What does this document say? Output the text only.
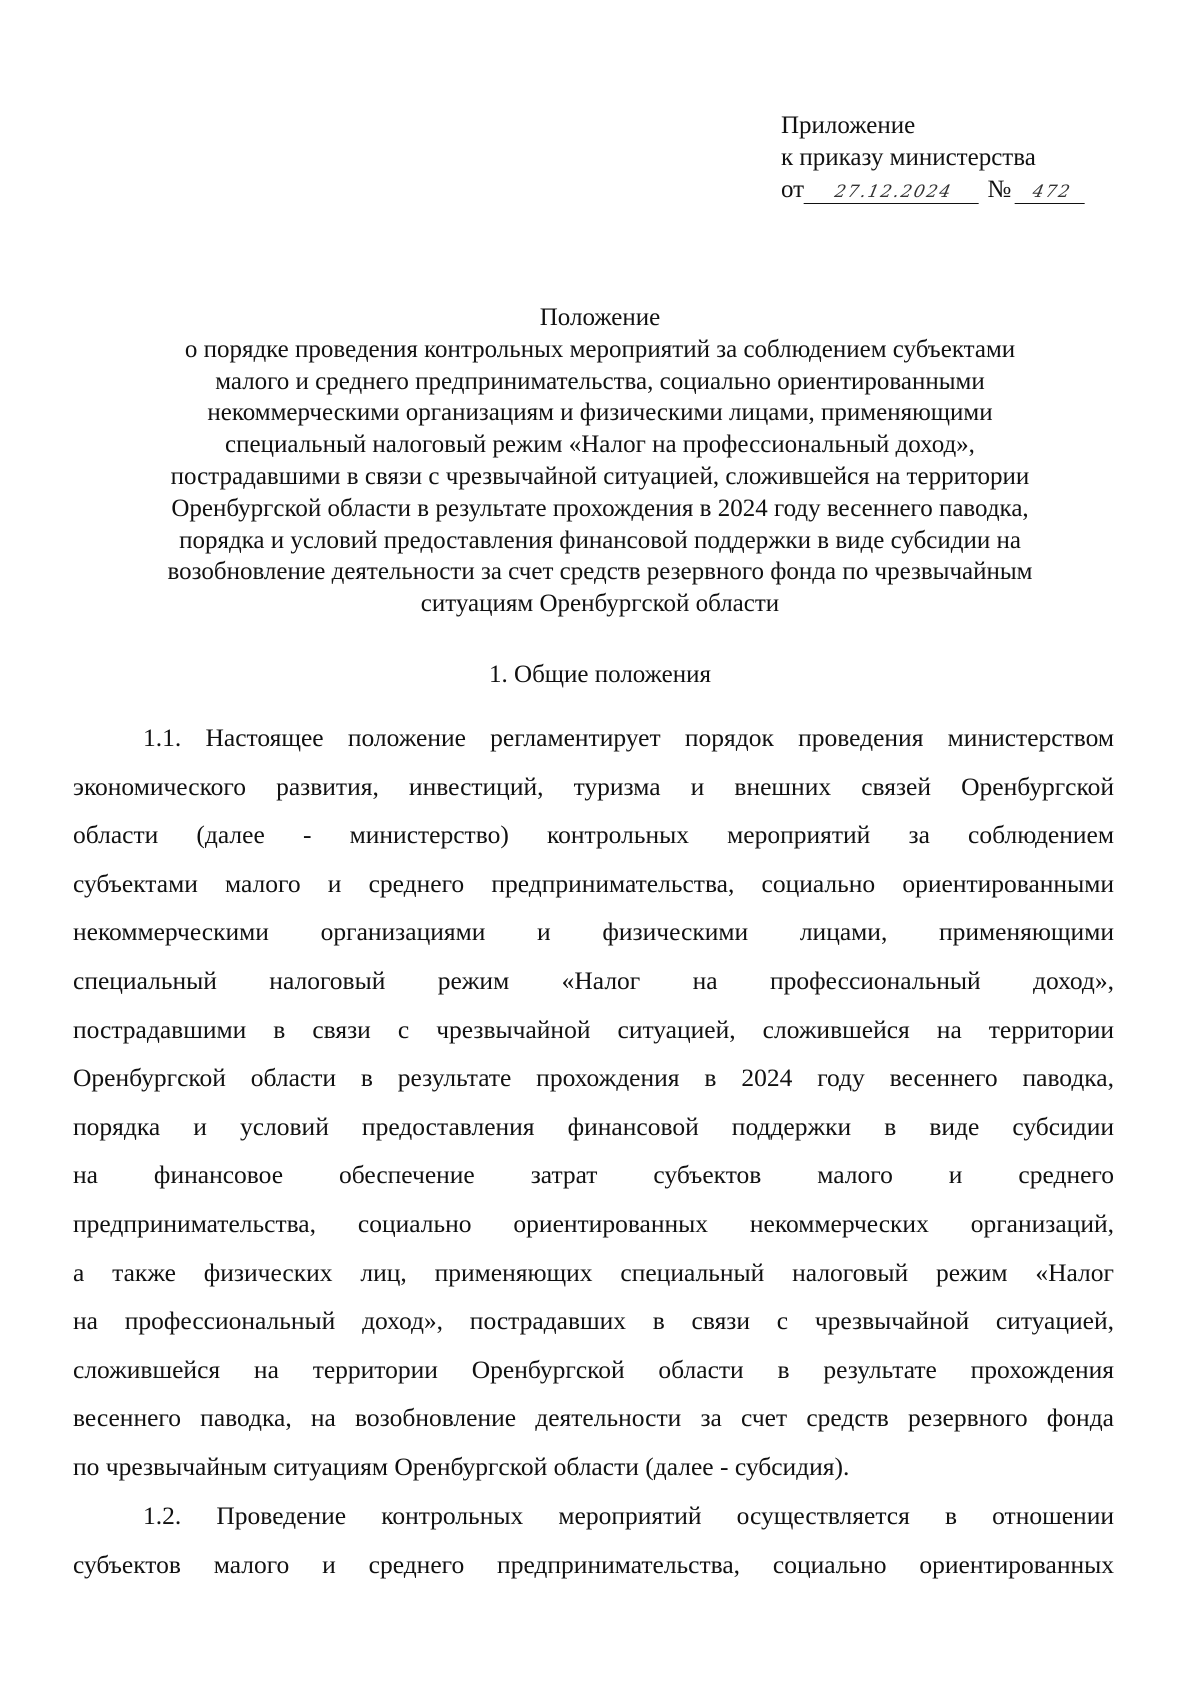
Приложение
к приказу министерства
от 27.12.2024 № 472
Положение
о порядке проведения контрольных мероприятий за соблюдением субъектами
малого и среднего предпринимательства, социально ориентированными
некоммерческими организациям и физическими лицами, применяющими
специальный налоговый режим «Налог на профессиональный доход»,
пострадавшими в связи с чрезвычайной ситуацией, сложившейся на территории
Оренбургской области в результате прохождения в 2024 году весеннего паводка,
порядка и условий предоставления финансовой поддержки в виде субсидии на
возобновление деятельности за счет средств резервного фонда по чрезвычайным
ситуациям Оренбургской области
1. Общие положения
1.1. Настоящее положение регламентирует порядок проведения министерством
экономического развития, инвестиций, туризма и внешних связей Оренбургской
области (далее - министерство) контрольных мероприятий за соблюдением
субъектами малого и среднего предпринимательства, социально ориентированными
некоммерческими организациями и физическими лицами, применяющими
специальный налоговый режим «Налог на профессиональный доход»,
пострадавшими в связи с чрезвычайной ситуацией, сложившейся на территории
Оренбургской области в результате прохождения в 2024 году весеннего паводка,
порядка и условий предоставления финансовой поддержки в виде субсидии
на финансовое обеспечение затрат субъектов малого и среднего
предпринимательства, социально ориентированных некоммерческих организаций,
а также физических лиц, применяющих специальный налоговый режим «Налог
на профессиональный доход», пострадавших в связи с чрезвычайной ситуацией,
сложившейся на территории Оренбургской области в результате прохождения
весеннего паводка, на возобновление деятельности за счет средств резервного фонда
по чрезвычайным ситуациям Оренбургской области (далее - субсидия).
1.2. Проведение контрольных мероприятий осуществляется в отношении
субъектов малого и среднего предпринимательства, социально ориентированных
